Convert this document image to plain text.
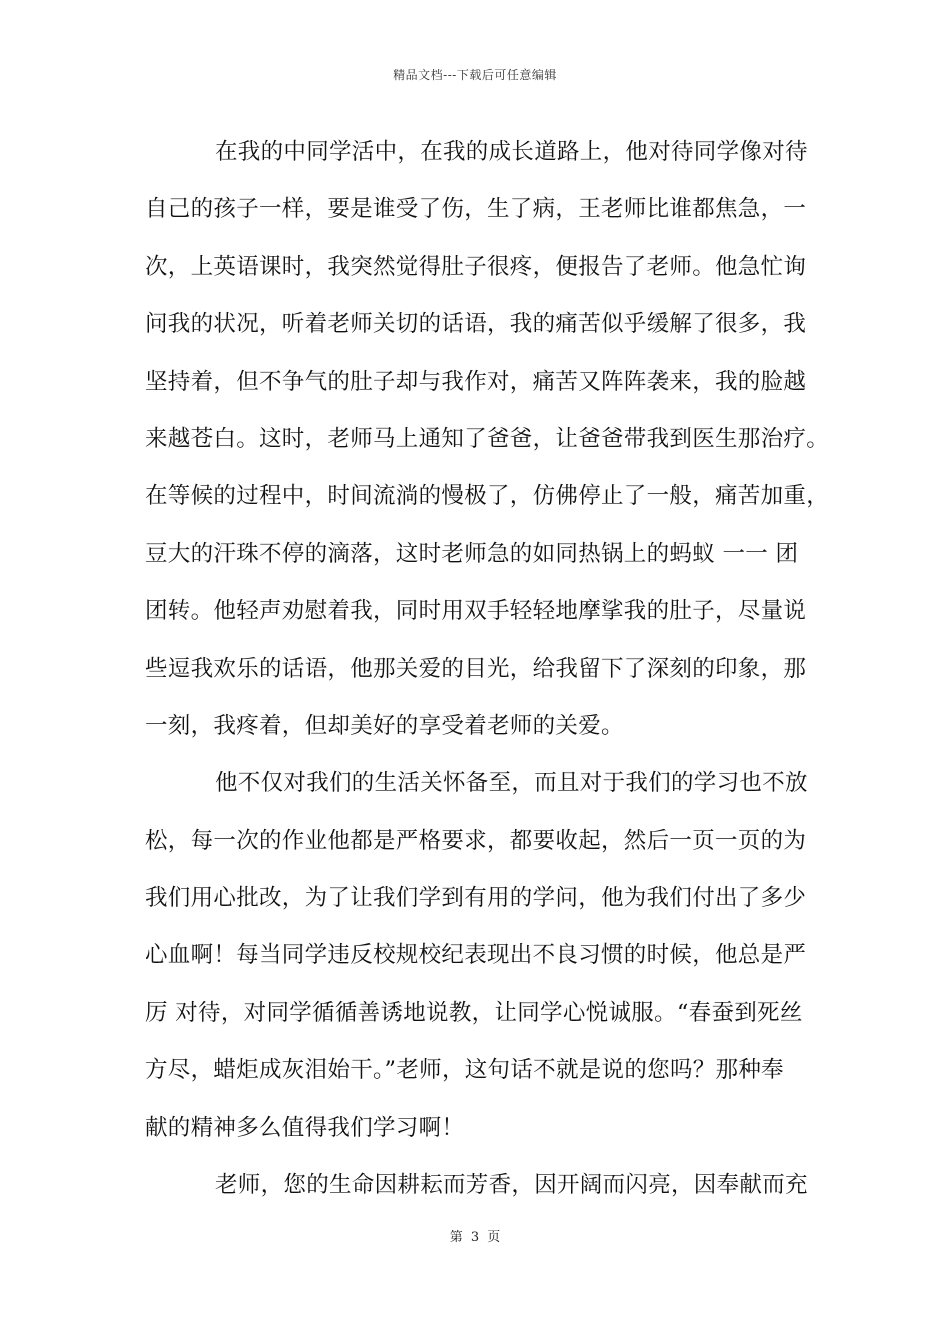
精品文档---下载后可任意编辑
在我的中同学活中，在我的成长道路上，他对待同学像对待
自己的孩子一样，要是谁受了伤，生了病，王老师比谁都焦急，一
次，上英语课时，我突然觉得肚子很疼，便报告了老师。他急忙询
问我的状况，听着老师关切的话语，我的痛苦似乎缓解了很多，我
坚持着，但不争气的肚子却与我作对，痛苦又阵阵袭来，我的脸越
来越苍白。这时，老师马上通知了爸爸，让爸爸带我到医生那治疗。
在等候的过程中，时间流淌的慢极了，仿佛停止了一般，痛苦加重，
豆大的汗珠不停的滴落，这时老师急的如同热锅上的蚂蚁 一一 团
团转。他轻声劝慰着我，同时用双手轻轻地摩挲我的肚子，尽量说
些逗我欢乐的话语，他那关爱的目光，给我留下了深刻的印象，那
一刻，我疼着，但却美好的享受着老师的关爱。
他不仅对我们的生活关怀备至，而且对于我们的学习也不放
松，每一次的作业他都是严格要求，都要收起，然后一页一页的为
我们用心批改，为了让我们学到有用的学问，他为我们付出了多少
心血啊！每当同学违反校规校纪表现出不良习惯的时候，他总是严
厉 对待，对同学循循善诱地说教，让同学心悦诚服。“春蚕到死丝
方尽，蜡炬成灰泪始干。”老师，这句话不就是说的您吗？那种奉
献的精神多么值得我们学习啊！
老师，您的生命因耕耘而芳香，因开阔而闪亮，因奉献而充
第 3 页
